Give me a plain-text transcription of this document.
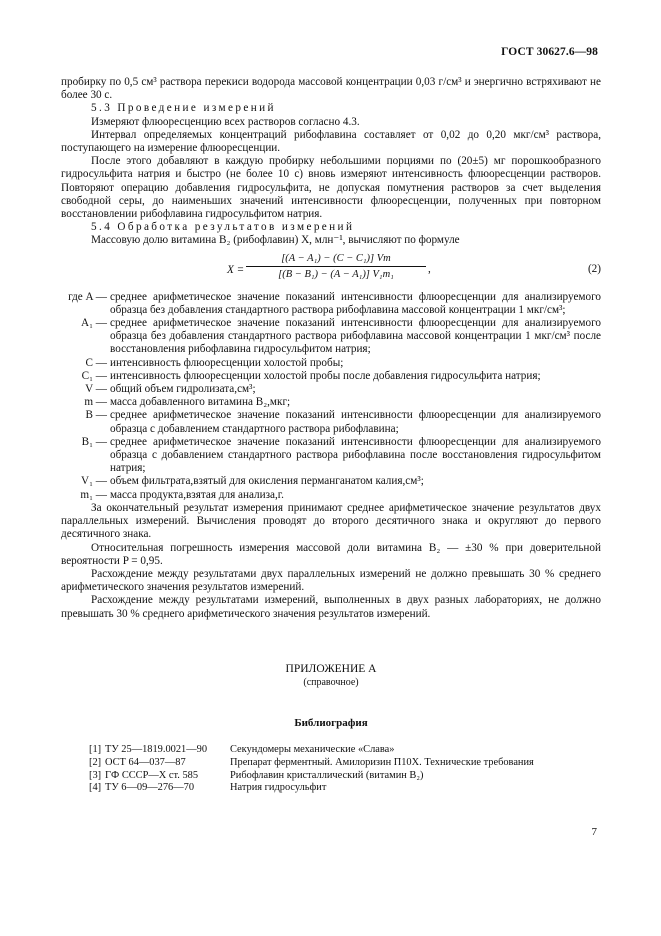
ГОСТ 30627.6—98

пробирку по 0,5 см³ раствора перекиси водорода массовой концентрации 0,03 г/см³ и энергично встряхивают не более 30 с.

5.3 Проведение измерений

Измеряют флюоресценцию всех растворов согласно 4.3.

Интервал определяемых концентраций рибофлавина составляет от 0,02 до 0,20 мкг/см³ раствора, поступающего на измерение флюоресценции.

После этого добавляют в каждую пробирку небольшими порциями по (20±5) мг порошкообразного гидросульфита натрия и быстро (не более 10 с) вновь измеряют интенсивность флюоресценции растворов. Повторяют операцию добавления гидросульфита, не допуская помутнения растворов за счет выделения свободной серы, до наименьших значений интенсивности флюоресценции, полученных при повторном восстановлении рибофлавина гидросульфитом натрия.

5.4 Обработка результатов измерений

Массовую долю витамина B₂ (рибофлавин) X, млн⁻¹, вычисляют по формуле

$X = \frac{\text{[(A − A₁) − (C − C₁)] Vm}}{\text{[(B − B₁) − (A − A₁)] V₁m₁}}$ ,	(2)
где A —	среднее арифметическое значение показаний интенсивности флюоресценции для анализируемого образца без добавления стандартного раствора рибофлавина массовой концентрации 1 мкг/см³;
A₁ —	среднее арифметическое значение показаний интенсивности флюоресценции для анализируемого образца без добавления стандартного раствора рибофлавина массовой концентрации 1 мкг/см³ после восстановления рибофлавина гидросульфитом натрия;
C —	интенсивность флюоресценции холостой пробы;
C₁ —	интенсивность флюоресценции холостой пробы после добавления гидросульфита натрия;
V —	общий объем гидролизата,см³;
m —	масса добавленного витамина B₂,мкг;
B —	среднее арифметическое значение показаний интенсивности флюоресценции для анализируемого образца с добавлением стандартного раствора рибофлавина;
B₁ —	среднее арифметическое значение показаний интенсивности флюоресценции для анализируемого образца с добавлением стандартного раствора рибофлавина после восстановления гидросульфитом натрия;
V₁ —	объем фильтрата,взятый для окисления перманганатом калия,см³;
m₁ —	масса продукта,взятая для анализа,г.

За окончательный результат измерения принимают среднее арифметическое значение результатов двух параллельных измерений. Вычисления проводят до второго десятичного знака и округляют до первого десятичного знака.

Относительная погрешность измерения массовой доли витамина B₂ — ±30 % при доверительной вероятности P = 0,95.

Расхождение между результатами двух параллельных измерений не должно превышать 30 % среднего арифметического значения результатов измерений.

Расхождение между результатами измерений, выполненных в двух разных лабораториях, не должно превышать 30 % среднего арифметического значения результатов измерений.

ПРИЛОЖЕНИЕ А
(справочное)
Библиография
[1]	ТУ 25—1819.0021—90	Секундомеры механические «Слава»
[2]	ОСТ 64—037—87	Препарат ферментный. Амилоризин П10Х. Технические требования
[3]	ГФ СССР—Х ст. 585	Рибофлавин кристаллический (витамин B₂)
[4]	ТУ 6—09—276—70	Натрия гидросульфит
7
